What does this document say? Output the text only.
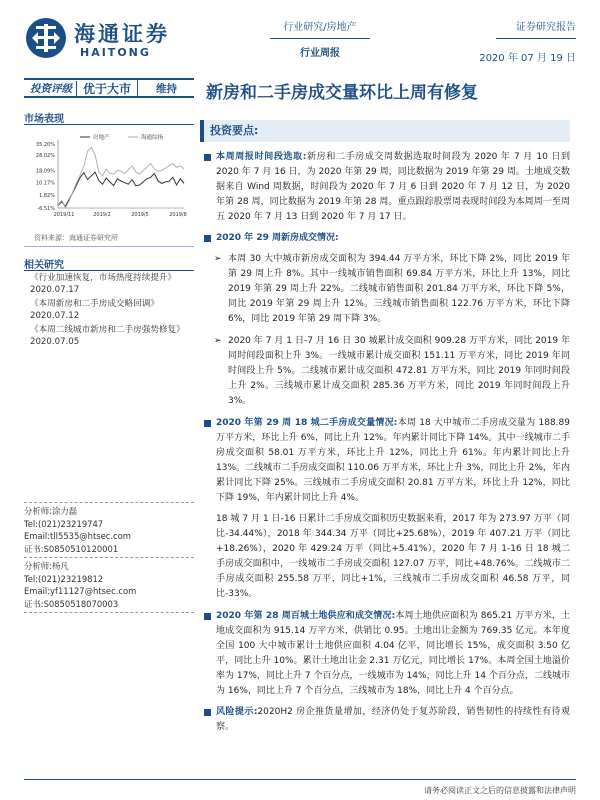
海通证券
HAITONG
行业研究/房地产
行业周报
证券研究报告
2020 年 07 月 19 日
投资评级 优于大市	维持 新房和二手房成交量环比上周有修复
市场表现
35.20%
28.02%
18.09%
10.17%
1.82%
-6.51%
2019/11	2019/2	2019/5	2019/8
房地产	海通综指
资料来源：海通证券研究所
相关研究
《行业加速恢复，市场热度持续提升》
2020.07.17
《本周新房和二手房成交略回调》
2020.07.12
《本周二线城市新房和二手房强势修复》
2020.07.05
分析师:涂力磊
Tel:(021)23219747
Email:tll5535@htsec.com
证书:S0850510120001
分析师:杨凡
Tel:(021)23219812
Email:yf11127@htsec.com
证书:S0850518070003
投资要点:
本周周报时间段选取:新房和二手房成交周数据选取时间段为 2020 年 7 月 10 日到 2020 年 7 月 16 日，为 2020 年第 29 周，同比数据为 2019 年第 29 周。土地成交数据来自 Wind 周数据，时间段为 2020 年 7 月 6 日到 2020 年 7 月 12 日，为 2020 年第 28 周，同比数据为 2019 年第 28 周。重点跟踪股票周表现时间段为本周周一至周五 2020 年 7 月 13 日到 2020 年 7 月 17 日。
2020 年 29 周新房成交情况:
➢ 本周 30 大中城市新房成交面积为 394.44 万平方米，环比下降 2%，同比 2019 年第 29 周上升 8%。其中一线城市销售面积 69.84 万平方米，环比上升 13%，同比 2019 年第 29 周上升 22%。二线城市销售面积 201.84 万平方米，环比下降 5%，同比 2019 年第 29 周上升 12%。三线城市销售面积 122.76 万平方米，环比下降 6%，同比 2019 年第 29 周下降 3%。
➢ 2020 年 7 月 1 日-7 月 16 日 30 城累计成交面积 909.28 万平方米，同比 2019 年同时间段面积上升 3%。一线城市累计成交面积 151.11 万平方米，同比 2019 年同时间段上升 5%。二线城市累计成交面积 472.81 万平方米，同比 2019 年同时间段上升 2%。三线城市累计成交面积 285.36 万平方米，同比 2019 年同时间段上升 3%。
2020 年第 29 周 18 城二手房成交量情况:本周 18 大中城市二手房成交量为 188.89 万平方米，环比上升 6%，同比上升 12%。年内累计同比下降 14%。其中一线城市二手房成交面积 58.01 万平方米，环比上升 12%，同比上升 61%。年内累计同比上升 13%。二线城市二手房成交面积 110.06 万平方米，环比上升 3%，同比上升 2%，年内累计同比下降 25%。三线城市二手房成交面积 20.81 万平方米，环比上升 12%，同比下降 19%，年内累计同比上升 4%。
18 城 7 月 1 日-16 日累计二手房成交面积历史数据来看，2017 年为 273.97 万平（同比-34.44%），2018 年 344.34 万平（同比+25.68%），2019 年 407.21 万平（同比+18.26%），2020 年 429.24 万平（同比+5.41%），2020 年 7 月 1-16 日 18 城二手房成交面积中，一线城市二手房成交面积 127.07 万平，同比+48.76%。二线城市二手房成交面积 255.58 万平，同比+1%，三线城市二手房成交面积 46.58 万平，同比-33%。
2020 年第 28 周百城土地供应和成交情况:本周土地供应面积为 865.21 万平方米，土地成交面积为 915.14 万平方米，供销比 0.95。土地出让金额为 769.35 亿元。本年度全国 100 大中城市累计土地供应面积 4.04 亿平，同比增长 15%，成交面积 3.50 亿平，同比上升 10%。累计土地出让金 2.31 万亿元，同比增长 17%。本周全国土地溢价率为 17%，同比上升 7 个百分点，一线城市为 14%，同比上升 14 个百分点，二线城市为 16%，同比上升 7 个百分点，三线城市为 18%，同比上升 4 个百分点。
风险提示:2020H2 房企推货量增加，经济仍处于复苏阶段，销售韧性的持续性有待观察。
请务必阅读正文之后的信息披露和法律声明
